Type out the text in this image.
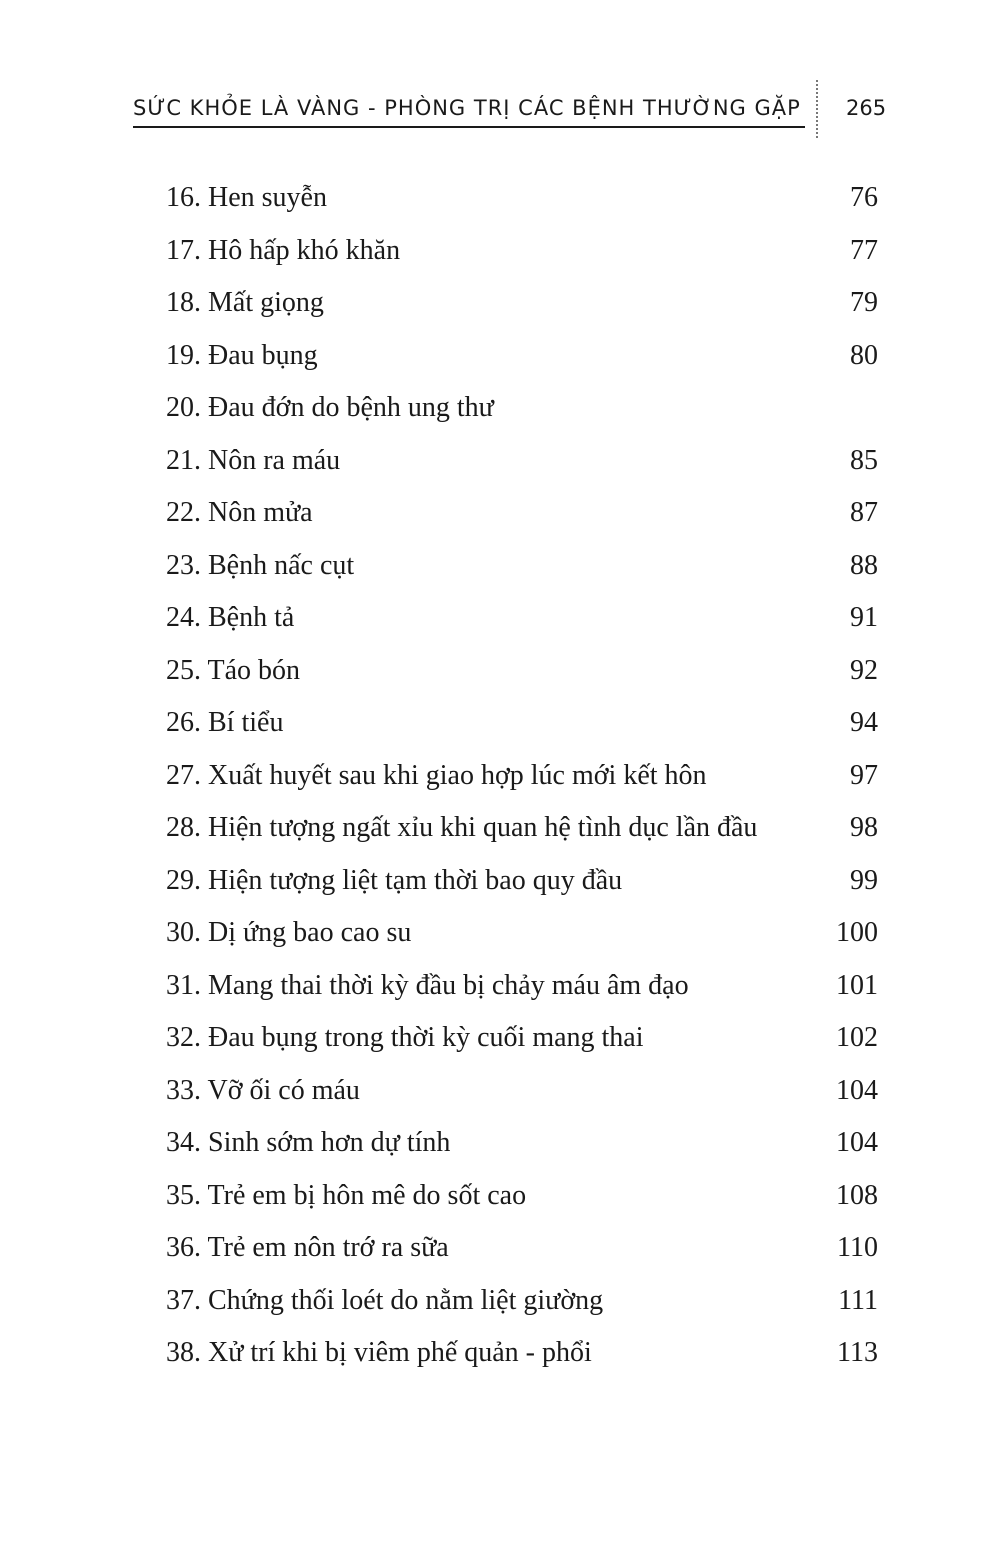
SỨC KHỎE LÀ VÀNG - PHÒNG TRỊ CÁC BỆNH THƯỜNG GẶP 265
16. Hen suyễn	76
17. Hô hấp khó khăn	77
18. Mất giọng	79
19. Đau bụng	80
20. Đau đớn do bệnh ung thư
21. Nôn ra máu	85
22. Nôn mửa	87
23. Bệnh nấc cụt	88
24. Bệnh tả	91
25. Táo bón	92
26. Bí tiểu	94
27. Xuất huyết sau khi giao hợp lúc mới kết hôn	97
28. Hiện tượng ngất xỉu khi quan hệ tình dục lần đầu	98
29. Hiện tượng liệt tạm thời bao quy đầu	99
30. Dị ứng bao cao su	100
31. Mang thai thời kỳ đầu bị chảy máu âm đạo	101
32. Đau bụng trong thời kỳ cuối mang thai	102
33. Vỡ ối có máu	104
34. Sinh sớm hơn dự tính	104
35. Trẻ em bị hôn mê do sốt cao	108
36. Trẻ em nôn trớ ra sữa	110
37. Chứng thối loét do nằm liệt giường	111
38. Xử trí khi bị viêm phế quản - phổi	113
